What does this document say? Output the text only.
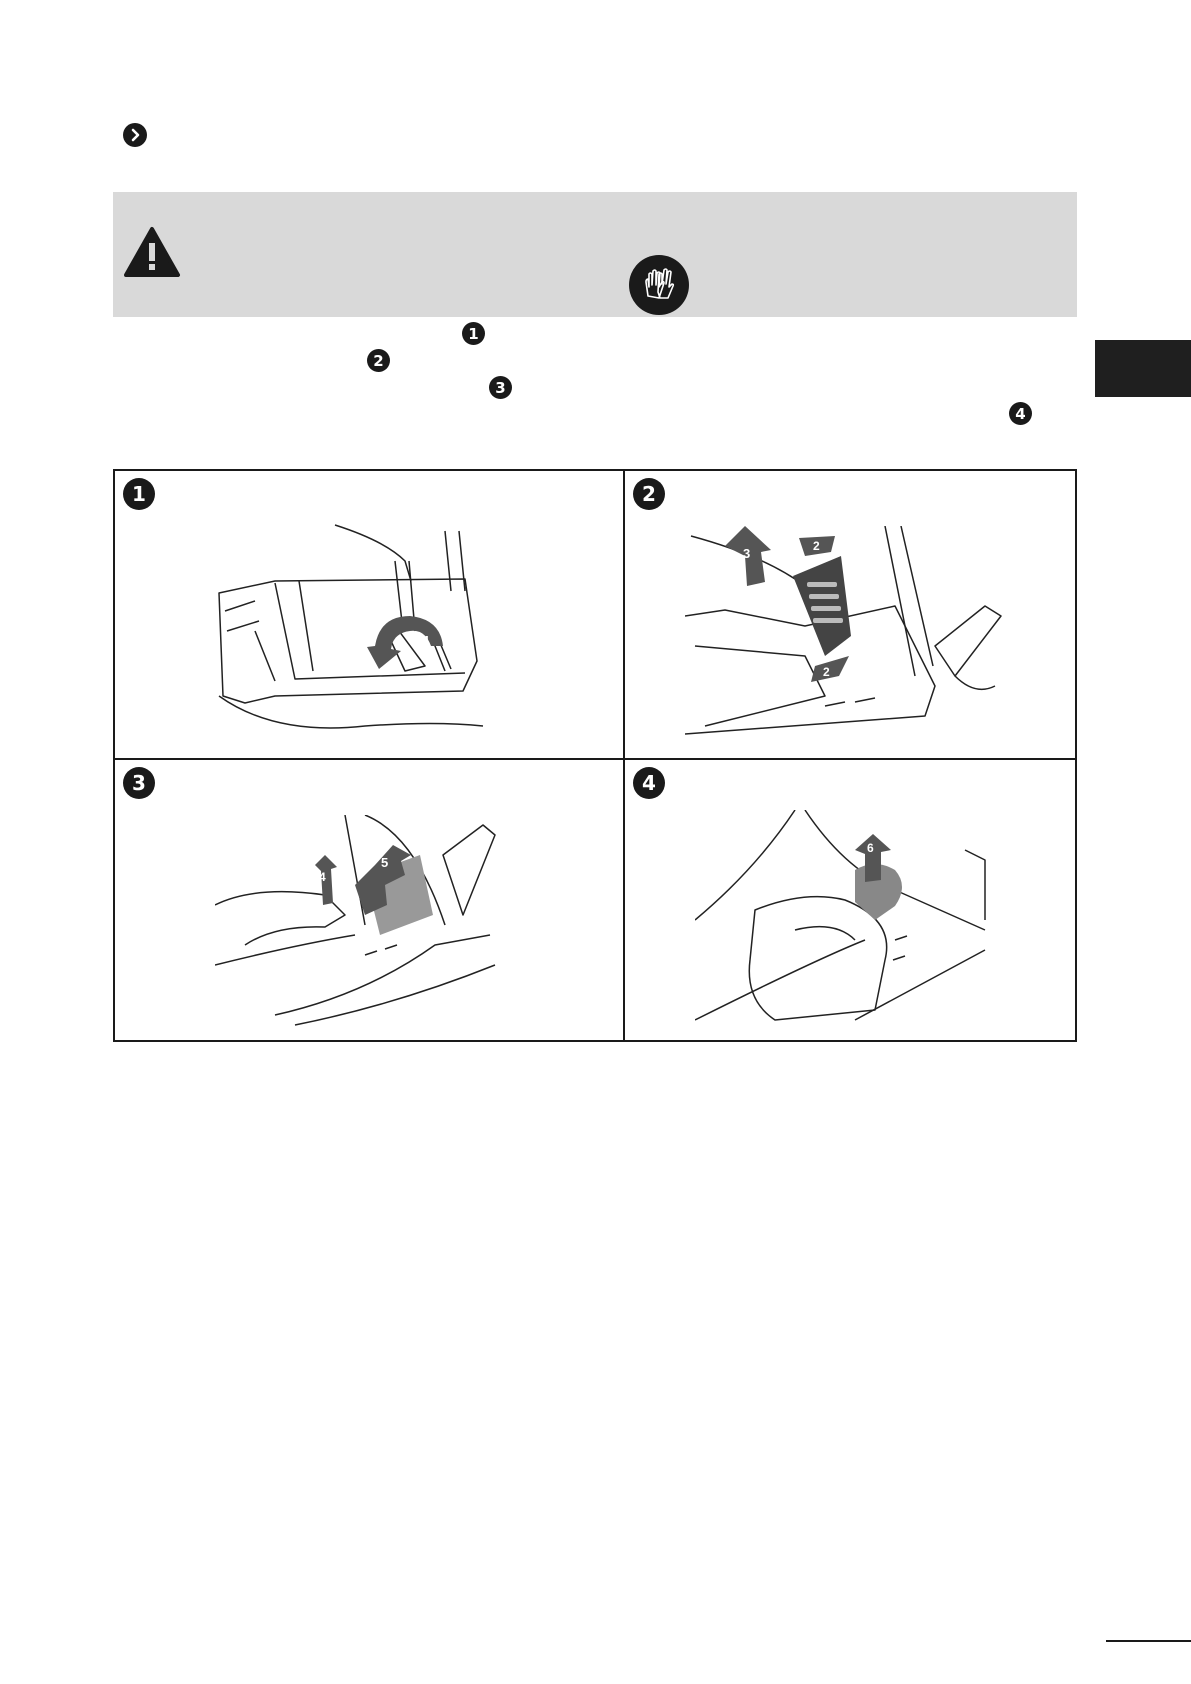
1
2
3
4
1
1
2
3	2
2
3
4
5
4
6
